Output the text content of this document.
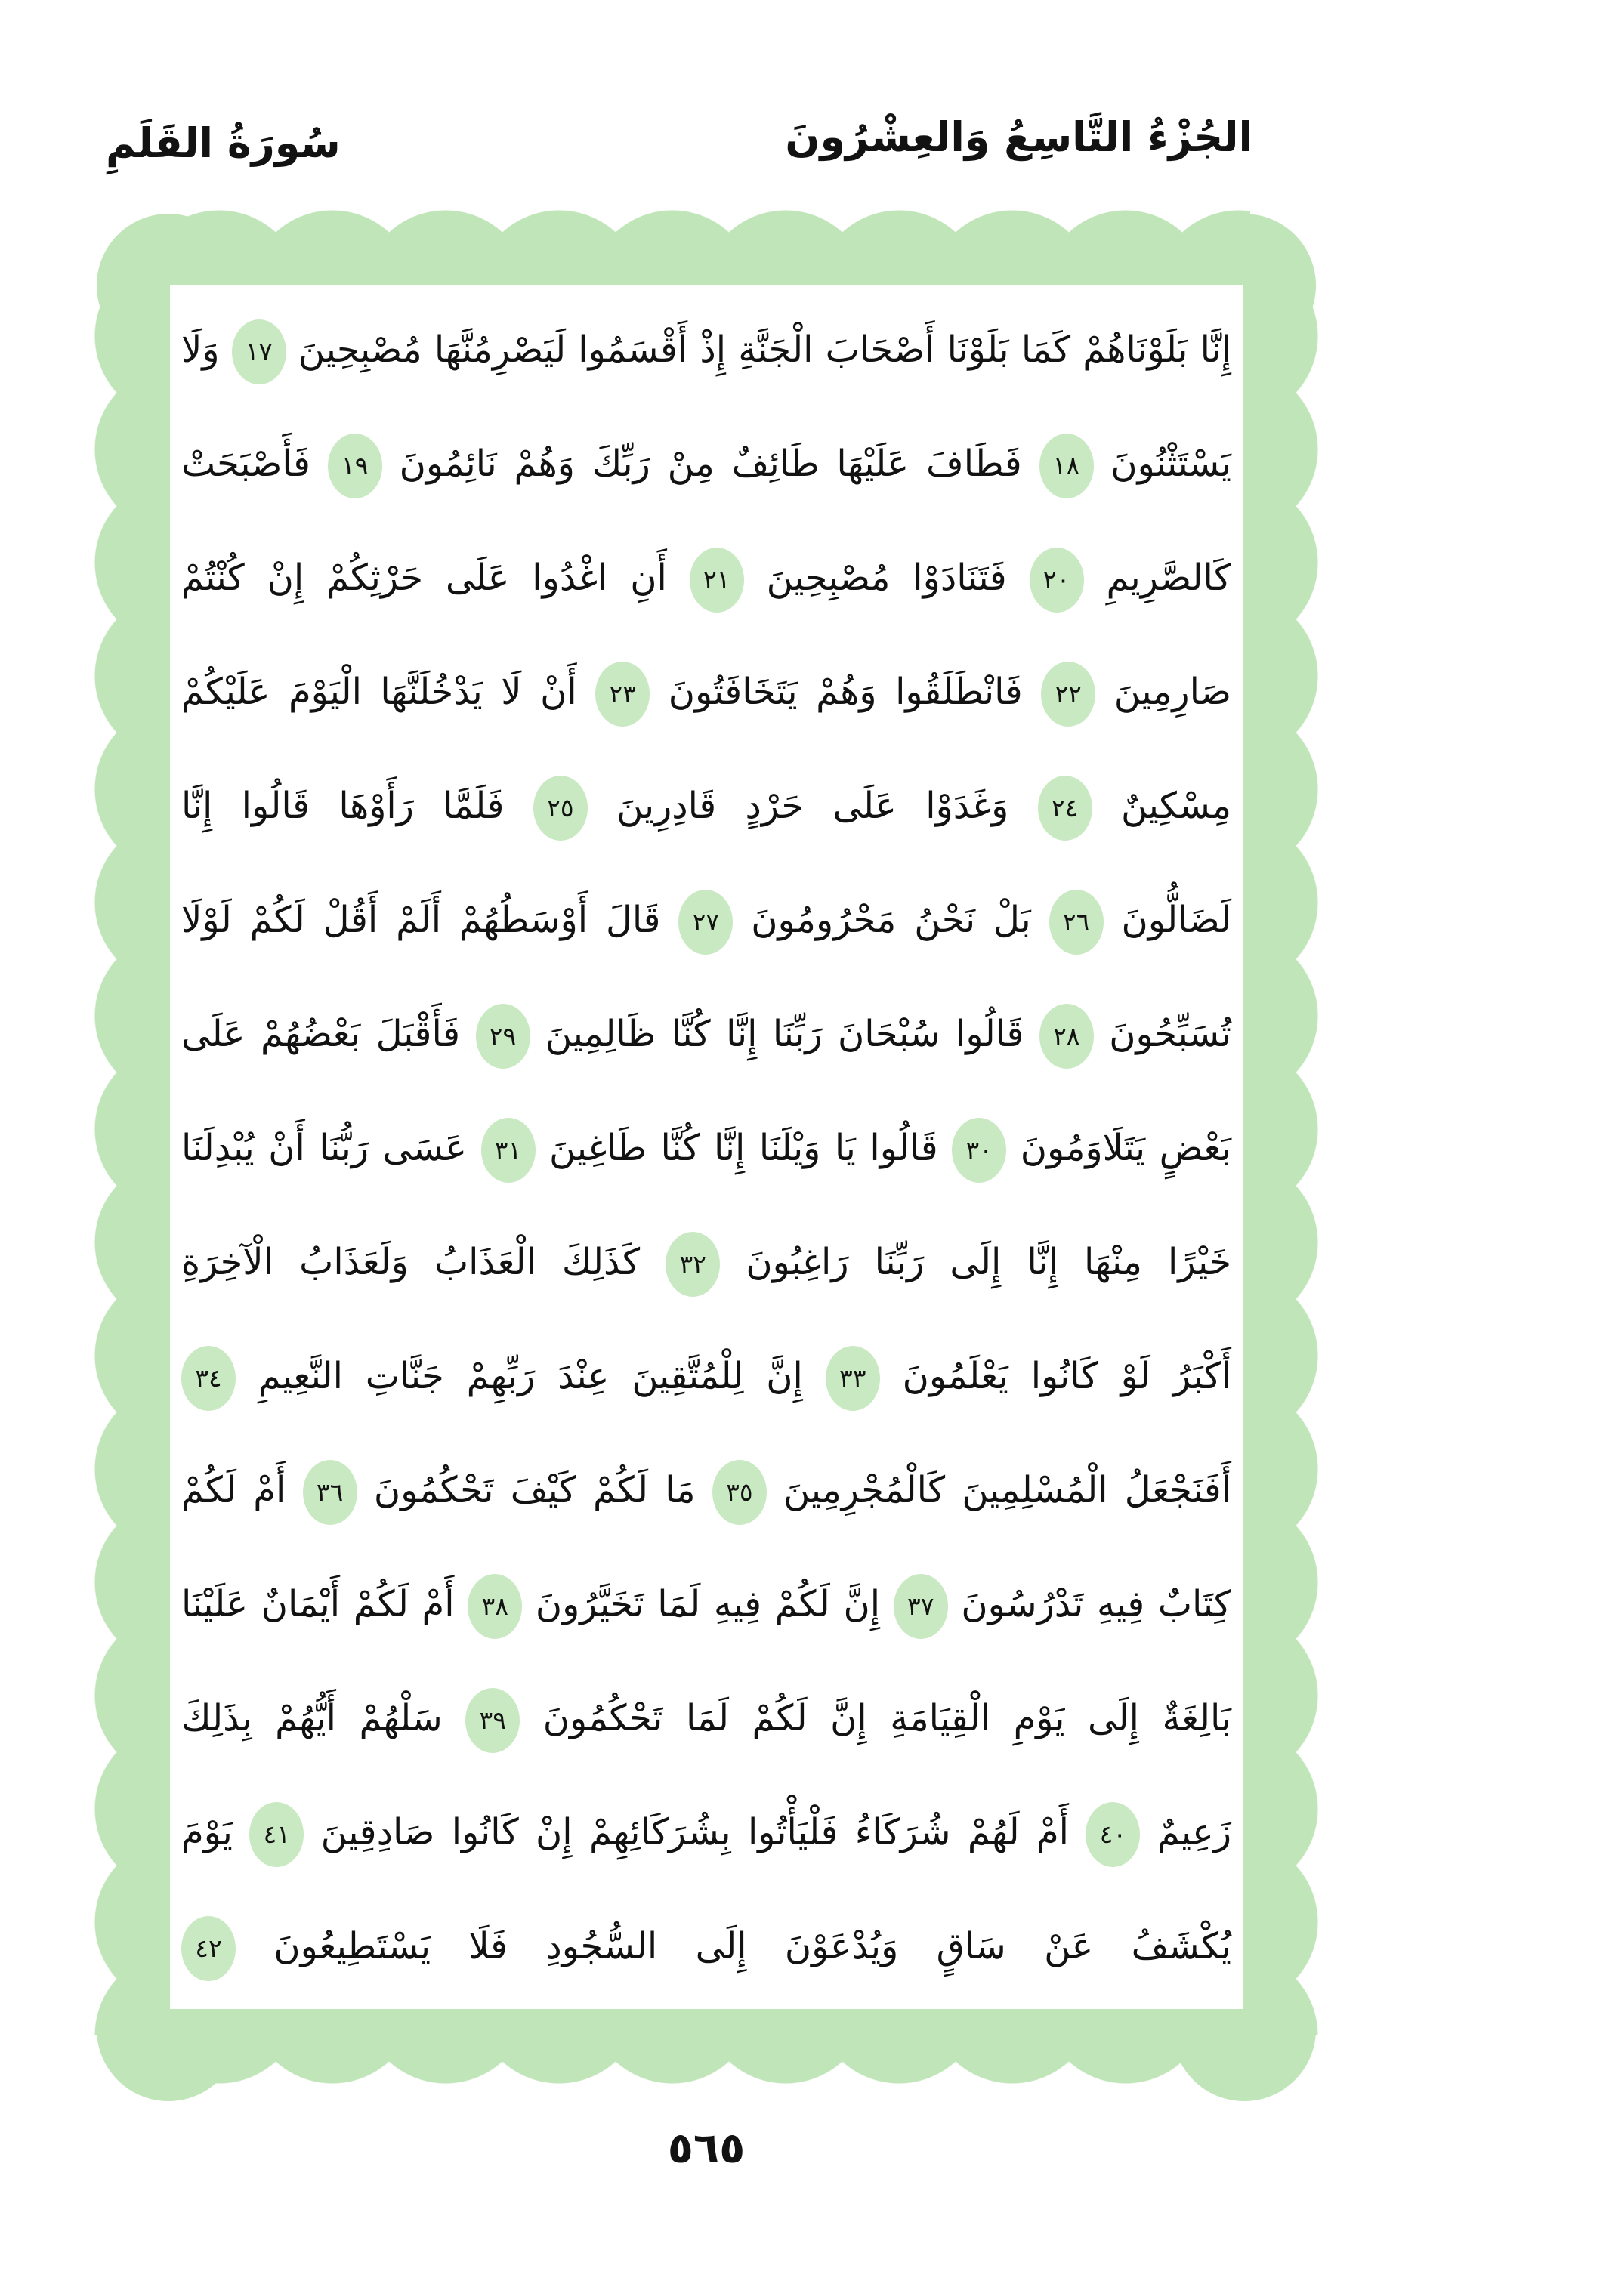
الجُزْءُ التَّاسِعُ وَالعِشْرُونَ
سُورَةُ القَلَمِ
إِنَّا بَلَوْنَاهُمْ كَمَا بَلَوْنَا أَصْحَابَ الْجَنَّةِ إِذْ أَقْسَمُوا لَيَصْرِمُنَّهَا مُصْبِحِينَ ١٧ وَلَا
يَسْتَثْنُونَ ١٨ فَطَافَ عَلَيْهَا طَائِفٌ مِنْ رَبِّكَ وَهُمْ نَائِمُونَ ١٩ فَأَصْبَحَتْ
كَالصَّرِيمِ ٢٠ فَتَنَادَوْا مُصْبِحِينَ ٢١ أَنِ اغْدُوا عَلَى حَرْثِكُمْ إِنْ كُنْتُمْ
صَارِمِينَ ٢٢ فَانْطَلَقُوا وَهُمْ يَتَخَافَتُونَ ٢٣ أَنْ لَا يَدْخُلَنَّهَا الْيَوْمَ عَلَيْكُمْ
مِسْكِينٌ ٢٤ وَغَدَوْا عَلَى حَرْدٍ قَادِرِينَ ٢٥ فَلَمَّا رَأَوْهَا قَالُوا إِنَّا
لَضَالُّونَ ٢٦ بَلْ نَحْنُ مَحْرُومُونَ ٢٧ قَالَ أَوْسَطُهُمْ أَلَمْ أَقُلْ لَكُمْ لَوْلَا
تُسَبِّحُونَ ٢٨ قَالُوا سُبْحَانَ رَبِّنَا إِنَّا كُنَّا ظَالِمِينَ ٢٩ فَأَقْبَلَ بَعْضُهُمْ عَلَى
بَعْضٍ يَتَلَاوَمُونَ ٣٠ قَالُوا يَا وَيْلَنَا إِنَّا كُنَّا طَاغِينَ ٣١ عَسَى رَبُّنَا أَنْ يُبْدِلَنَا
خَيْرًا مِنْهَا إِنَّا إِلَى رَبِّنَا رَاغِبُونَ ٣٢ كَذَلِكَ الْعَذَابُ وَلَعَذَابُ الْآخِرَةِ
أَكْبَرُ لَوْ كَانُوا يَعْلَمُونَ ٣٣ إِنَّ لِلْمُتَّقِينَ عِنْدَ رَبِّهِمْ جَنَّاتِ النَّعِيمِ ٣٤
أَفَنَجْعَلُ الْمُسْلِمِينَ كَالْمُجْرِمِينَ ٣٥ مَا لَكُمْ كَيْفَ تَحْكُمُونَ ٣٦ أَمْ لَكُمْ
كِتَابٌ فِيهِ تَدْرُسُونَ ٣٧ إِنَّ لَكُمْ فِيهِ لَمَا تَخَيَّرُونَ ٣٨ أَمْ لَكُمْ أَيْمَانٌ عَلَيْنَا
بَالِغَةٌ إِلَى يَوْمِ الْقِيَامَةِ إِنَّ لَكُمْ لَمَا تَحْكُمُونَ ٣٩ سَلْهُمْ أَيُّهُمْ بِذَلِكَ
زَعِيمٌ ٤٠ أَمْ لَهُمْ شُرَكَاءُ فَلْيَأْتُوا بِشُرَكَائِهِمْ إِنْ كَانُوا صَادِقِينَ ٤١ يَوْمَ
يُكْشَفُ عَنْ سَاقٍ وَيُدْعَوْنَ إِلَى السُّجُودِ فَلَا يَسْتَطِيعُونَ ٤٢
٥٦٥
